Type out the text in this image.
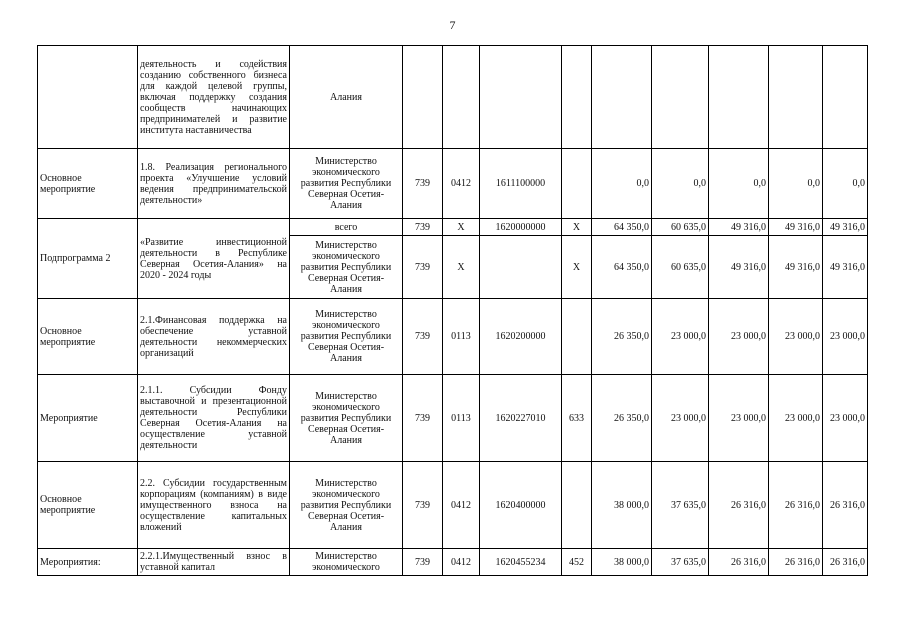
7
	деятельность и содействия созданию собственного бизнеса для каждой целевой группы, включая поддержку создания сообществ начинающих предпринимателей и развитие института наставничества	Алания									
Основное мероприятие	1.8. Реализация регионального проекта «Улучшение условий ведения предпринимательской деятельности»	Министерство экономического развития Республики Северная Осетия-Алания	739	0412	1611100000		0,0	0,0	0,0	0,0	0,0
Подпрограмма 2	«Развитие инвестиционной деятельности в Республике Северная Осетия-Алания» на 2020 - 2024 годы	всего	739	Х	1620000000	Х	64 350,0	60 635,0	49 316,0	49 316,0	49 316,0
		Министерство экономического развития Республики Северная Осетия-Алания	739	Х		Х	64 350,0	60 635,0	49 316,0	49 316,0	49 316,0
Основное мероприятие	2.1.Финансовая поддержка на обеспечение уставной деятельности некоммерческих организаций	Министерство экономического развития Республики Северная Осетия-Алания	739	0113	1620200000		26 350,0	23 000,0	23 000,0	23 000,0	23 000,0
Мероприятие	2.1.1. Субсидии Фонду выставочной и презентационной деятельности Республики Северная Осетия-Алания на осуществление уставной деятельности	Министерство экономического развития Республики Северная Осетия-Алания	739	0113	1620227010	633	26 350,0	23 000,0	23 000,0	23 000,0	23 000,0
Основное мероприятие	2.2. Субсидии государственным корпорациям (компаниям) в виде имущественного взноса на осуществление капитальных вложений	Министерство экономического развития Республики Северная Осетия-Алания	739	0412	1620400000		38 000,0	37 635,0	26 316,0	26 316,0	26 316,0
Мероприятия:	2.2.1.Имущественный взнос в уставной капитал	Министерство экономического	739	0412	1620455234	452	38 000,0	37 635,0	26 316,0	26 316,0	26 316,0
